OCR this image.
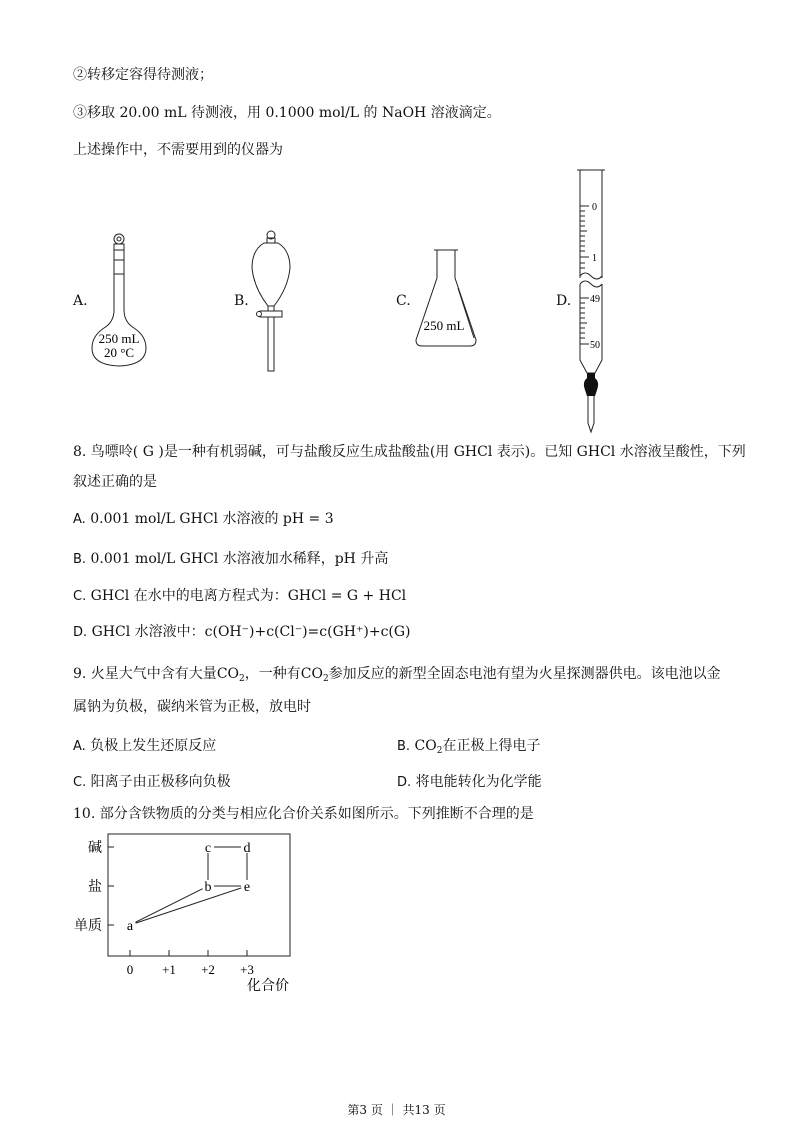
②转移定容得待测液；
③移取 20.00 mL 待测液，用 0.1000 mol/L 的 NaOH 溶液滴定。
上述操作中，不需要用到的仪器为
A.
250 mL
20 °C
B.	C.
250 mL
D.
0
1
49
50
8. 鸟嘌呤( G )是一种有机弱碱，可与盐酸反应生成盐酸盐(用 GHCl 表示)。已知 GHCl 水溶液呈酸性，下列
叙述正确的是
A. 0.001 mol/L GHCl 水溶液的 pH = 3
B. 0.001 mol/L GHCl 水溶液加水稀释，pH 升高
C. GHCl 在水中的电离方程式为：GHCl = G + HCl
D. GHCl 水溶液中：c(OH⁻)+c(Cl⁻)=c(GH⁺)+c(G)
9. 火星大气中含有大量$CO_2$，一种有$CO_2$参加反应的新型全固态电池有望为火星探测器供电。该电池以金
属钠为负极，碳纳米管为正极，放电时
A. 负极上发生还原反应	B. $CO_2$在正极上得电子
C. 阳离子由正极移向负极	D. 将电能转化为化学能
10. 部分含铁物质的分类与相应化合价关系如图所示。下列推断不合理的是
单质
盐
碱
0 +1 +2 +3
化合价
a
b
c d
e
第3 页 ｜ 共13 页
